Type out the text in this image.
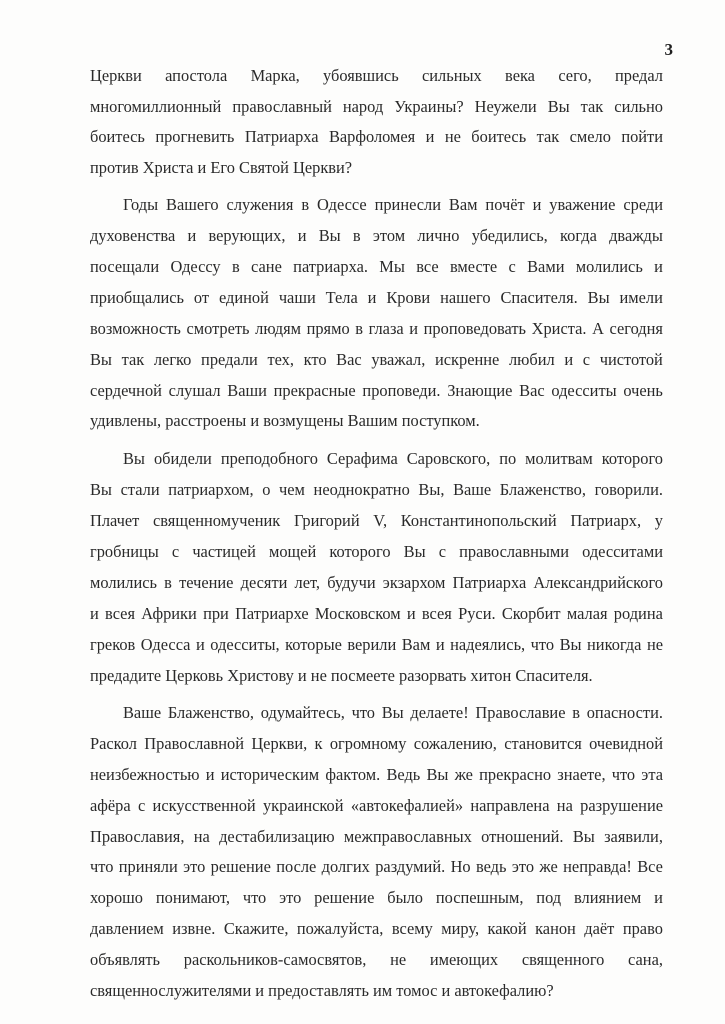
3
Церкви апостола Марка, убоявшись сильных века сего, предал
многомиллионный православный народ Украины? Неужели Вы так сильно
боитесь прогневить Патриарха Варфоломея и не боитесь так смело пойти
против Христа и Его Святой Церкви?
Годы Вашего служения в Одессе принесли Вам почёт и уважение среди
духовенства и верующих, и Вы в этом лично убедились, когда дважды
посещали Одессу в сане патриарха. Мы все вместе с Вами молились и
приобщались от единой чаши Тела и Крови нашего Спасителя. Вы имели
возможность смотреть людям прямо в глаза и проповедовать Христа. А сегодня
Вы так легко предали тех, кто Вас уважал, искренне любил и с чистотой
сердечной слушал Ваши прекрасные проповеди. Знающие Вас одесситы очень
удивлены, расстроены и возмущены Вашим поступком.
Вы обидели преподобного Серафима Саровского, по молитвам которого
Вы стали патриархом, о чем неоднократно Вы, Ваше Блаженство, говорили.
Плачет священномученик Григорий V, Константинопольский Патриарх, у
гробницы с частицей мощей которого Вы с православными одесситами
молились в течение десяти лет, будучи экзархом Патриарха Александрийского
и всея Африки при Патриархе Московском и всея Руси. Скорбит малая родина
греков Одесса и одесситы, которые верили Вам и надеялись, что Вы никогда не
предадите Церковь Христову и не посмеете разорвать хитон Спасителя.
Ваше Блаженство, одумайтесь, что Вы делаете! Православие в опасности.
Раскол Православной Церкви, к огромному сожалению, становится очевидной
неизбежностью и историческим фактом. Ведь Вы же прекрасно знаете, что эта
афёра с искусственной украинской «автокефалией» направлена на разрушение
Православия, на дестабилизацию межправославных отношений. Вы заявили,
что приняли это решение после долгих раздумий. Но ведь это же неправда! Все
хорошо понимают, что это решение было поспешным, под влиянием и
давлением извне. Скажите, пожалуйста, всему миру, какой канон даёт право
объявлять раскольников-самосвятов, не имеющих священного сана,
священнослужителями и предоставлять им томос и автокефалию?
